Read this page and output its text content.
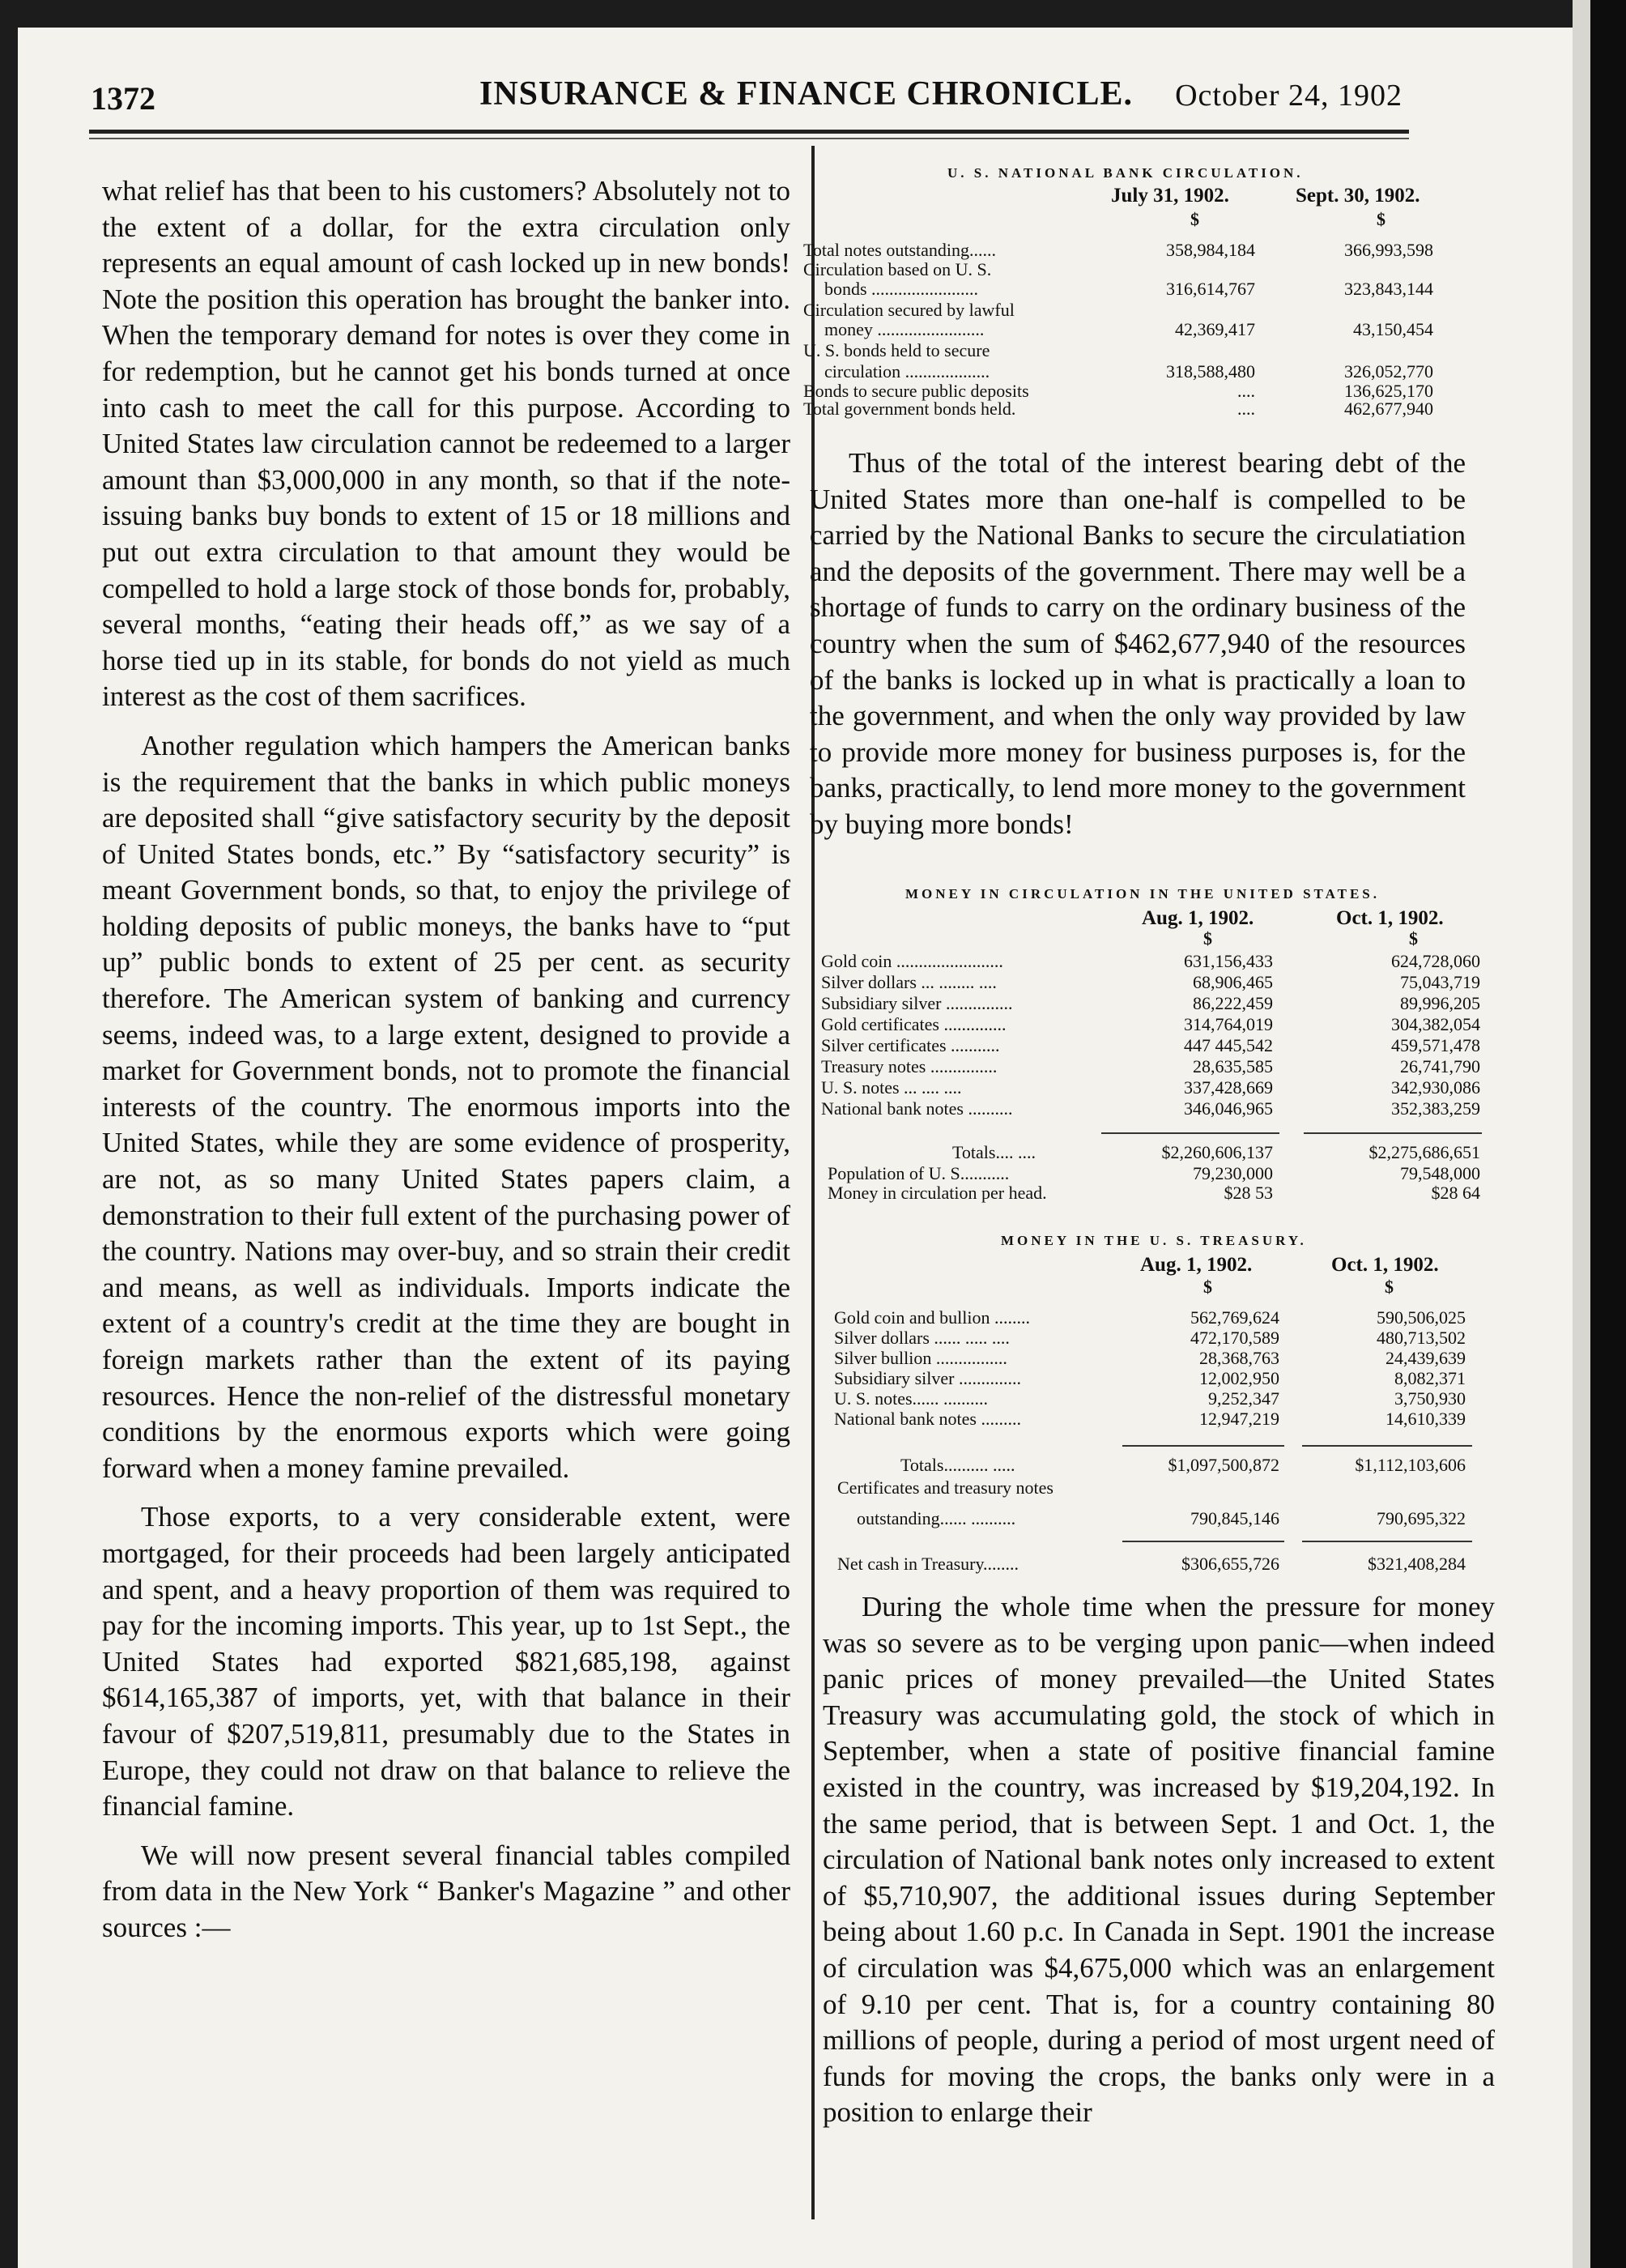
1372	INSURANCE & FINANCE CHRONICLE. October 24, 1902

what relief has that been to his customers? Absolutely not to the extent of a dollar, for the extra circulation only represents an equal amount of cash locked up in new bonds! Note the position this operation has brought the banker into. When the temporary demand for notes is over they come in for redemption, but he cannot get his bonds turned at once into cash to meet the call for this purpose. According to United States law circulation cannot be redeemed to a larger amount than $3,000,000 in any month, so that if the note-issuing banks buy bonds to extent of 15 or 18 millions and put out extra circulation to that amount they would be compelled to hold a large stock of those bonds for, probably, several months, “eating their heads off,” as we say of a horse tied up in its stable, for bonds do not yield as much interest as the cost of them sacrifices.

Another regulation which hampers the American banks is the requirement that the banks in which public moneys are deposited shall “give satisfactory security by the deposit of United States bonds, etc.” By “satisfactory security” is meant Government bonds, so that, to enjoy the privilege of holding deposits of public moneys, the banks have to “put up” public bonds to extent of 25 per cent. as security therefore. The American system of banking and currency seems, indeed was, to a large extent, designed to provide a market for Government bonds, not to promote the financial interests of the country. The enormous imports into the United States, while they are some evidence of prosperity, are not, as so many United States papers claim, a demonstration to their full extent of the purchasing power of the country. Nations may over-buy, and so strain their credit and means, as well as individuals. Imports indicate the extent of a country's credit at the time they are bought in foreign markets rather than the extent of its paying resources. Hence the non-relief of the distressful monetary conditions by the enormous exports which were going forward when a money famine prevailed.

Those exports, to a very considerable extent, were mortgaged, for their proceeds had been largely anticipated and spent, and a heavy proportion of them was required to pay for the incoming imports. This year, up to 1st Sept., the United States had exported $821,685,198, against $614,165,387 of imports, yet, with that balance in their favour of $207,519,811, presumably due to the States in Europe, they could not draw on that balance to relieve the financial famine.

We will now present several financial tables compiled from data in the New York “ Banker's Magazine ” and other sources :—

U. S. NATIONAL BANK CIRCULATION.
July 31, 1902.	Sept. 30, 1902.
$	$
Total notes outstanding......	358,984,184	366,993,598
Circulation based on U. S.
bonds ........................	316,614,767	323,843,144
Circulation secured by lawful
money ........................	42,369,417	43,150,454
U. S. bonds held to secure
circulation ...................	318,588,480	326,052,770
Bonds to secure public deposits	....	136,625,170
Total government bonds held.	....	462,677,940

Thus of the total of the interest bearing debt of the United States more than one-half is compelled to be carried by the National Banks to secure the circulatiation and the deposits of the government. There may well be a shortage of funds to carry on the ordinary business of the country when the sum of $462,677,940 of the resources of the banks is locked up in what is practically a loan to the government, and when the only way provided by law to provide more money for business purposes is, for the banks, practically, to lend more money to the government by buying more bonds!

MONEY IN CIRCULATION IN THE UNITED STATES.
Aug. 1, 1902.	Oct. 1, 1902.
$	$
Gold coin ........................	631,156,433	624,728,060
Silver dollars ... ........ ....	68,906,465	75,043,719
Subsidiary silver ...............	86,222,459	89,996,205
Gold certificates ..............	314,764,019	304,382,054
Silver certificates ...........	447 445,542	459,571,478
Treasury notes ...............	28,635,585	26,741,790
U. S. notes ... .... ....	337,428,669	342,930,086
National bank notes ..........	346,046,965	352,383,259
Totals.... ....	$2,260,606,137	$2,275,686,651
Population of U. S...........	79,230,000	79,548,000
Money in circulation per head.	$28 53	$28 64
MONEY IN THE U. S. TREASURY.
Aug. 1, 1902.	Oct. 1, 1902.
$	$
Gold coin and bullion ........	562,769,624	590,506,025
Silver dollars ...... ..... ....	472,170,589	480,713,502
Silver bullion ................	28,368,763	24,439,639
Subsidiary silver ..............	12,002,950	8,082,371
U. S. notes...... ..........	9,252,347	3,750,930
National bank notes .........	12,947,219	14,610,339
Totals.......... .....	$1,097,500,872	$1,112,103,606
Certificates and treasury notes
outstanding...... ..........	790,845,146	790,695,322
Net cash in Treasury........	$306,655,726	$321,408,284

During the whole time when the pressure for money was so severe as to be verging upon panic—when indeed panic prices of money prevailed—the United States Treasury was accumulating gold, the stock of which in September, when a state of positive financial famine existed in the country, was increased by $19,204,192. In the same period, that is between Sept. 1 and Oct. 1, the circulation of National bank notes only increased to extent of $5,710,907, the additional issues during September being about 1.60 p.c. In Canada in Sept. 1901 the increase of circulation was $4,675,000 which was an enlargement of 9.10 per cent. That is, for a country containing 80 millions of people, during a period of most urgent need of funds for moving the crops, the banks only were in a position to enlarge their
